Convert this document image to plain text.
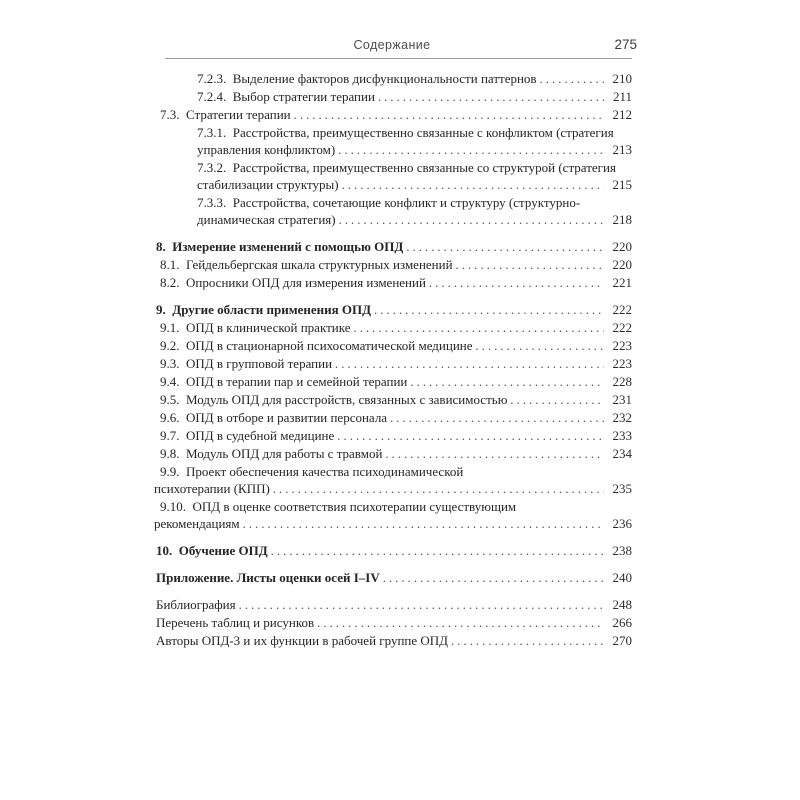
Содержание	275
7.2.3.  Выделение факторов дисфункциональности паттернов .....	210
7.2.4.  Выбор стратегии терапии .....	211
7.3.  Стратегии терапии .....	212
7.3.1.  Расстройства, преимущественно связанные с конфликтом (стратегия
управления конфликтом) .....	213
7.3.2.  Расстройства, преимущественно связанные со структурой (стратегия
стабилизации структуры) .....	215
7.3.3.  Расстройства, сочетающие конфликт и структуру (структурно-
динамическая стратегия) .....	218
8.  Измерение изменений с помощью ОПД .....	220
8.1.  Гейдельбергская шкала структурных изменений .....	220
8.2.  Опросники ОПД для измерения изменений .....	221
9.  Другие области применения ОПД .....	222
9.1.  ОПД в клинической практике .....	222
9.2.  ОПД в стационарной психосоматической медицине .....	223
9.3.  ОПД в групповой терапии .....	223
9.4.  ОПД в терапии пар и семейной терапии .....	228
9.5.  Модуль ОПД для расстройств, связанных с зависимостью .....	231
9.6.  ОПД в отборе и развитии персонала .....	232
9.7.  ОПД в судебной медицине .....	233
9.8.  Модуль ОПД для работы с травмой .....	234
9.9.  Проект обеспечения качества психодинамической
психотерапии (КПП) .....	235
9.10.  ОПД в оценке соответствия психотерапии существующим
рекомендациям .....	236
10.  Обучение ОПД .....	238
Приложение. Листы оценки осей I–IV .....	240
Библиография .....	248
Перечень таблиц и рисунков .....	266
Авторы ОПД-3 и их функции в рабочей группе ОПД .....	270
